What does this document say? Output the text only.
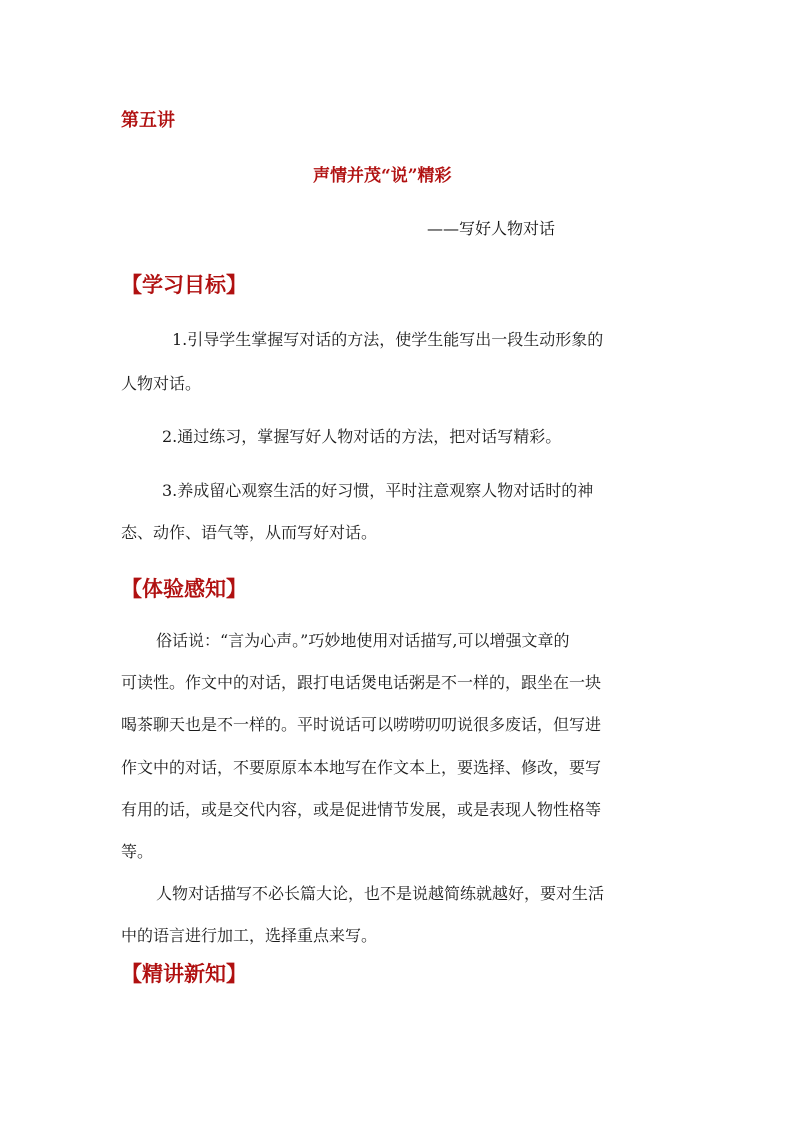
第五讲
声情并茂“说”精彩
——写好人物对话
【学习目标】
1.引导学生掌握写对话的方法，使学生能写出一段生动形象的
人物对话。
2.通过练习，掌握写好人物对话的方法，把对话写精彩。
3.养成留心观察生活的好习惯，平时注意观察人物对话时的神
态、动作、语气等，从而写好对话。
【体验感知】
俗话说：“言为心声。”巧妙地使用对话描写,可以增强文章的
可读性。作文中的对话，跟打电话煲电话粥是不一样的，跟坐在一块
喝茶聊天也是不一样的。平时说话可以唠唠叨叨说很多废话，但写进
作文中的对话，不要原原本本地写在作文本上，要选择、修改，要写
有用的话，或是交代内容，或是促进情节发展，或是表现人物性格等
等。
人物对话描写不必长篇大论，也不是说越简练就越好，要对生活
中的语言进行加工，选择重点来写。
【精讲新知】
